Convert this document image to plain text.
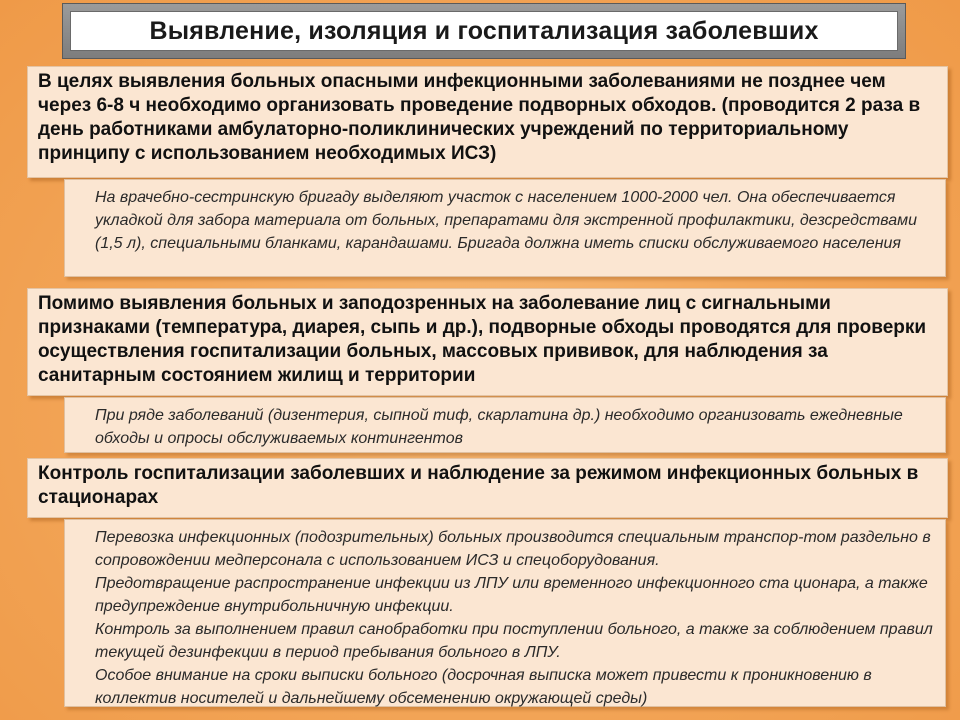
Выявление, изоляция и госпитализация заболевших
В целях выявления больных опасными инфекционными заболеваниями не позднее чем через 6-8 ч необходимо организовать проведение подворных обходов. (проводится 2 раза в день работниками амбулаторно-поликлинических учреждений по территориальному принципу с использованием необходимых ИСЗ)
На врачебно-сестринскую бригаду выделяют участок с населением 1000-2000 чел. Она обеспечивается укладкой для забора материала от больных, препаратами для экстренной профилактики, дезсредствами (1,5 л), специальными бланками, карандашами. Бригада должна иметь списки обслуживаемого населения
Помимо выявления больных и заподозренных на заболевание лиц с сигнальными признаками (температура, диарея, сыпь и др.), подворные обходы проводятся для проверки осуществления госпитализации больных, массовых прививок, для наблюдения за санитарным состоянием жилищ и территории
При ряде заболеваний (дизентерия, сыпной тиф, скарлатина др.) необходимо организовать ежедневные обходы и опросы обслуживаемых контингентов
Контроль госпитализации заболевших и наблюдение за режимом инфекционных больных в стационарах
Перевозка инфекционных (подозрительных) больных производится специальным транспор-том раздельно в сопровождении медперсонала с использованием ИСЗ и спецоборудования.
Предотвращение распространение инфекции из ЛПУ или временного инфекционного ста ционара, а также предупреждение внутрибольничную инфекции.
Контроль за выполнением правил санобработки при поступлении больного, а также за соблюдением правил текущей дезинфекции в период пребывания больного в ЛПУ.
Особое внимание на сроки выписки больного (досрочная выписка может привести к проникновению в коллектив носителей и дальнейшему обсеменению окружающей среды)
